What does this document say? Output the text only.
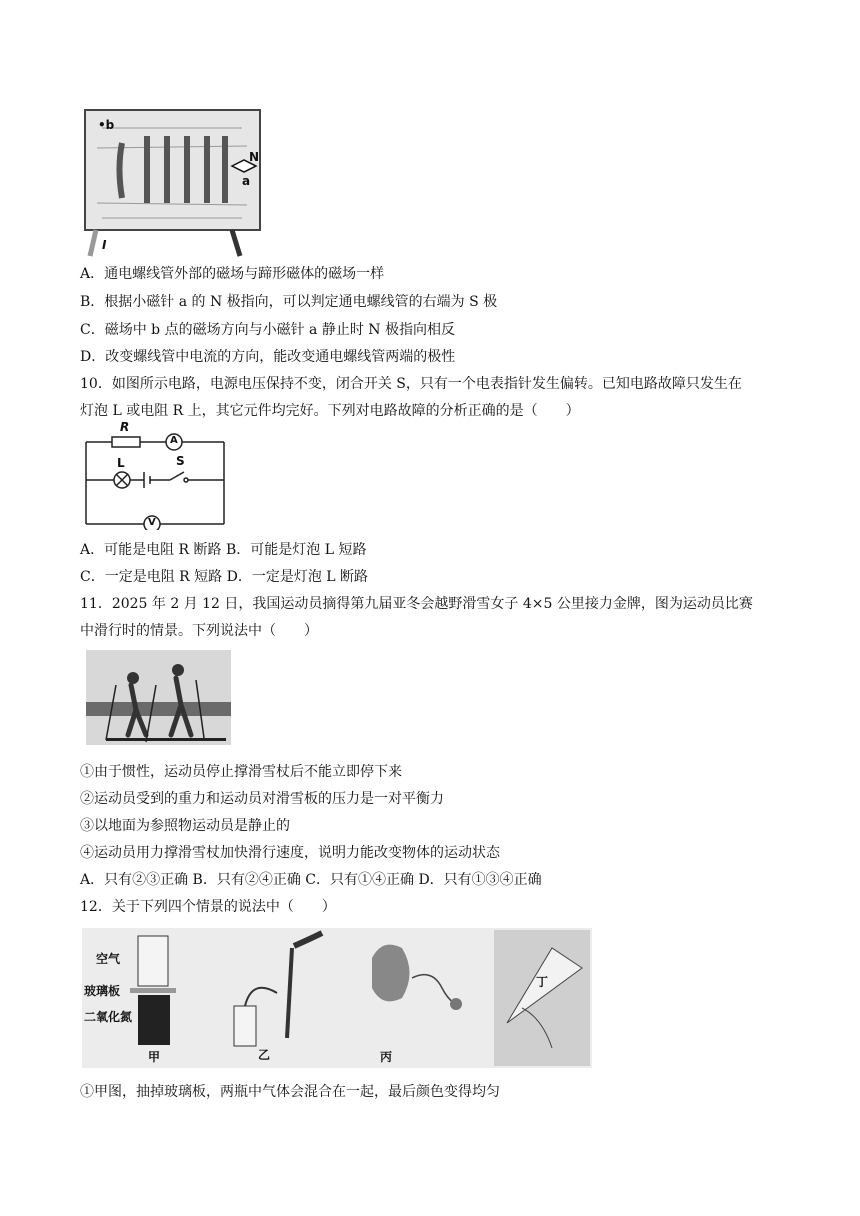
•b
N
a
I
A．通电螺线管外部的磁场与蹄形磁体的磁场一样
B．根据小磁针 a 的 N 极指向，可以判定通电螺线管的右端为 S 极
C．磁场中 b 点的磁场方向与小磁针 a 静止时 N 极指向相反
D．改变螺线管中电流的方向，能改变通电螺线管两端的极性
10．如图所示电路，电源电压保持不变，闭合开关 S，只有一个电表指针发生偏转。已知电路故障只发生在
灯泡 L 或电阻 R 上，其它元件均完好。下列对电路故障的分析正确的是（　　）
R
A
L	S
V
A．可能是电阻 R 断路 B．可能是灯泡 L 短路
C．一定是电阻 R 短路 D．一定是灯泡 L 断路
11．2025 年 2 月 12 日，我国运动员摘得第九届亚冬会越野滑雪女子 4×5 公里接力金牌，图为运动员比赛
中滑行时的情景。下列说法中（　　）
①由于惯性，运动员停止撑滑雪杖后不能立即停下来
②运动员受到的重力和运动员对滑雪板的压力是一对平衡力
③以地面为参照物运动员是静止的
④运动员用力撑滑雪杖加快滑行速度，说明力能改变物体的运动状态
A．只有②③正确 B．只有②④正确 C．只有①④正确 D．只有①③④正确
12．关于下列四个情景的说法中（　　）
空气
玻璃板
二氧化氮
甲	乙	丙
丁
①甲图，抽掉玻璃板，两瓶中气体会混合在一起，最后颜色变得均匀
